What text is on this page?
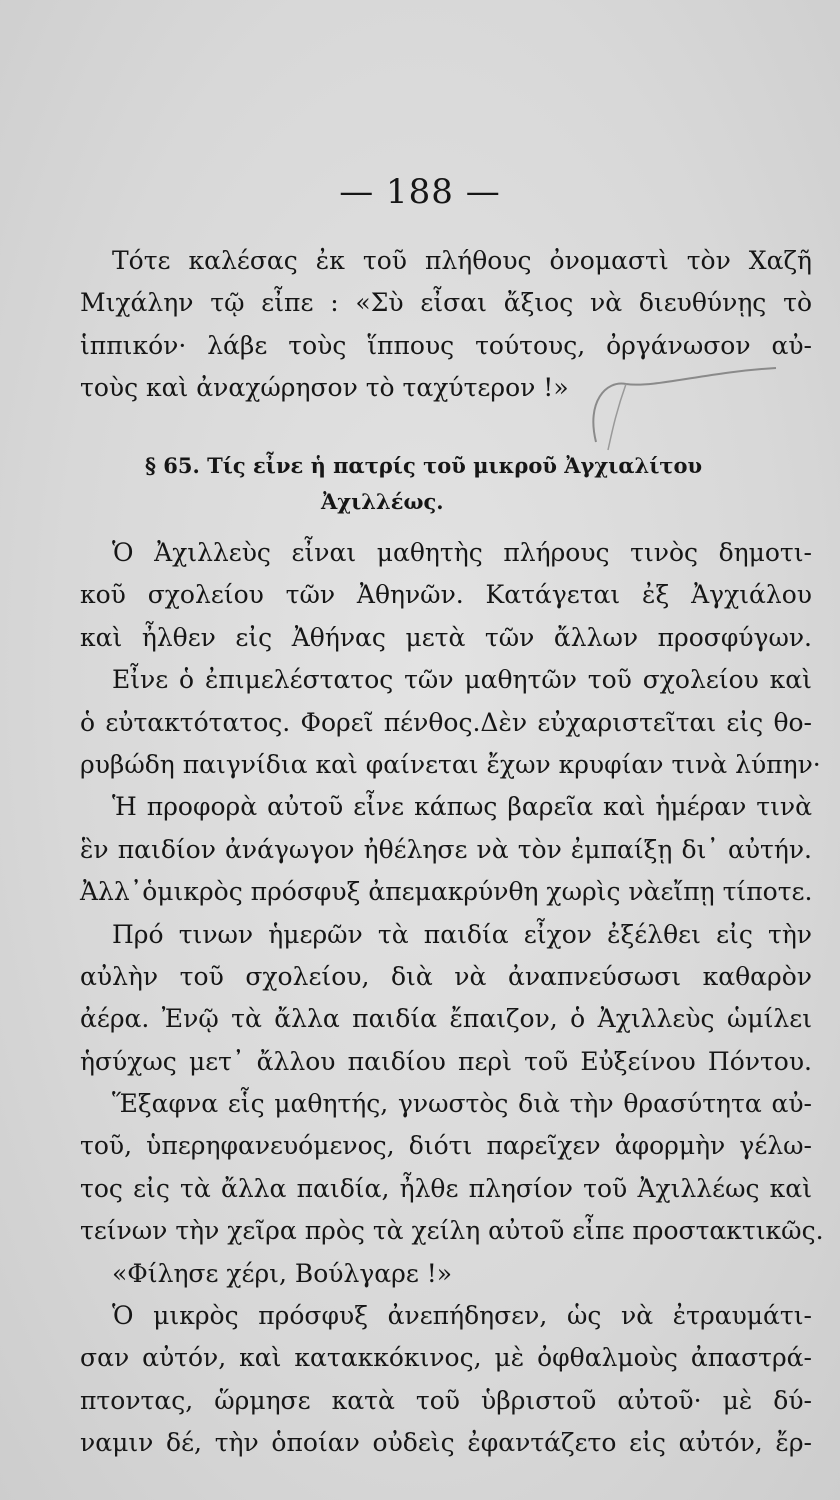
— 188 —
Τότε καλέσας ἐκ τοῦ πλήθους ὀνομαστὶ τὸν Χαζῆ
Μιχάλην τῷ εἶπε : «Σὺ εἶσαι ἄξιος νὰ διευθύνῃς τὸ
ἱππικόν· λάβε τοὺς ἵππους τούτους, ὀργάνωσον αὐ-
τοὺς καὶ ἀναχώρησον τὸ ταχύτερον !»
§ 65. Τίς εἶνε ἡ πατρίς τοῦ μικροῦ Ἀγχιαλίτου
Ἀχιλλέως.
Ὁ Ἀχιλλεὺς εἶναι μαθητὴς πλήρους τινὸς δημοτι-
κοῦ σχολείου τῶν Ἀθηνῶν. Κατάγεται ἐξ Ἀγχιάλου
καὶ ἦλθεν εἰς Ἀθήνας μετὰ τῶν ἄλλων προσφύγων.
Εἶνε ὁ ἐπιμελέστατος τῶν μαθητῶν τοῦ σχολείου καὶ
ὁ εὐτακτότατος. Φορεῖ πένθος.Δὲν εὐχαριστεῖται εἰς θο-
ρυβώδη παιγνίδια καὶ φαίνεται ἔχων κρυφίαν τινὰ λύπην·
Ἡ προφορὰ αὐτοῦ εἶνε κάπως βαρεῖα καὶ ἡμέραν τινὰ
ἓν παιδίον ἀνάγωγον ἠθέλησε νὰ τὸν ἐμπαίξῃ δι᾽ αὐτήν.
Ἀλλ᾽ὁμικρὸς πρόσφυξ ἀπεμακρύνθη χωρὶς νὰεἴπῃ τίποτε.
Πρό τινων ἡμερῶν τὰ παιδία εἶχον ἐξέλθει εἰς τὴν
αὐλὴν τοῦ σχολείου, διὰ νὰ ἀναπνεύσωσι καθαρὸν
ἀέρα. Ἐνῷ τὰ ἄλλα παιδία ἔπαιζον, ὁ Ἀχιλλεὺς ὡμίλει
ἡσύχως μετ᾽ ἄλλου παιδίου περὶ τοῦ Εὐξείνου Πόντου.
Ἕξαφνα εἷς μαθητής, γνωστὸς διὰ τὴν θρασύτητα αὐ-
τοῦ, ὑπερηφανευόμενος, διότι παρεῖχεν ἀφορμὴν γέλω-
τος εἰς τὰ ἄλλα παιδία, ἦλθε πλησίον τοῦ Ἀχιλλέως καὶ
τείνων τὴν χεῖρα πρὸς τὰ χείλη αὐτοῦ εἶπε προστακτικῶς.
«Φίλησε χέρι, Βούλγαρε !»
Ὁ μικρὸς πρόσφυξ ἀνεπήδησεν, ὡς νὰ ἐτραυμάτι-
σαν αὐτόν, καὶ κατακκόκινος, μὲ ὀφθαλμοὺς ἀπαστρά-
πτοντας, ὥρμησε κατὰ τοῦ ὑβριστοῦ αὐτοῦ· μὲ δύ-
ναμιν δέ, τὴν ὁποίαν οὐδεὶς ἐφαντάζετο εἰς αὐτόν, ἔρ-
